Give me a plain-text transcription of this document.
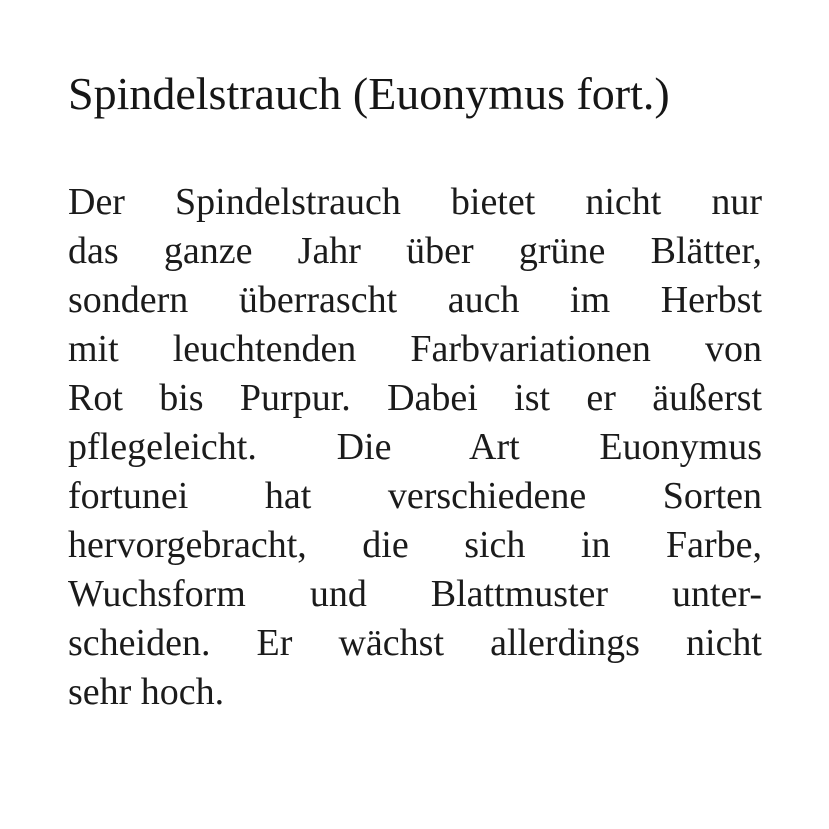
Spindelstrauch (Euonymus fort.)
Der Spindelstrauch bietet nicht nur
das ganze Jahr über grüne Blätter,
sondern überrascht auch im Herbst
mit leuchtenden Farbvariationen von
Rot bis Purpur. Dabei ist er äußerst
pflegeleicht. Die Art Euonymus
fortunei hat verschiedene Sorten
hervorgebracht, die sich in Farbe,
Wuchsform und Blattmuster unter-
scheiden. Er wächst allerdings nicht
sehr hoch.
